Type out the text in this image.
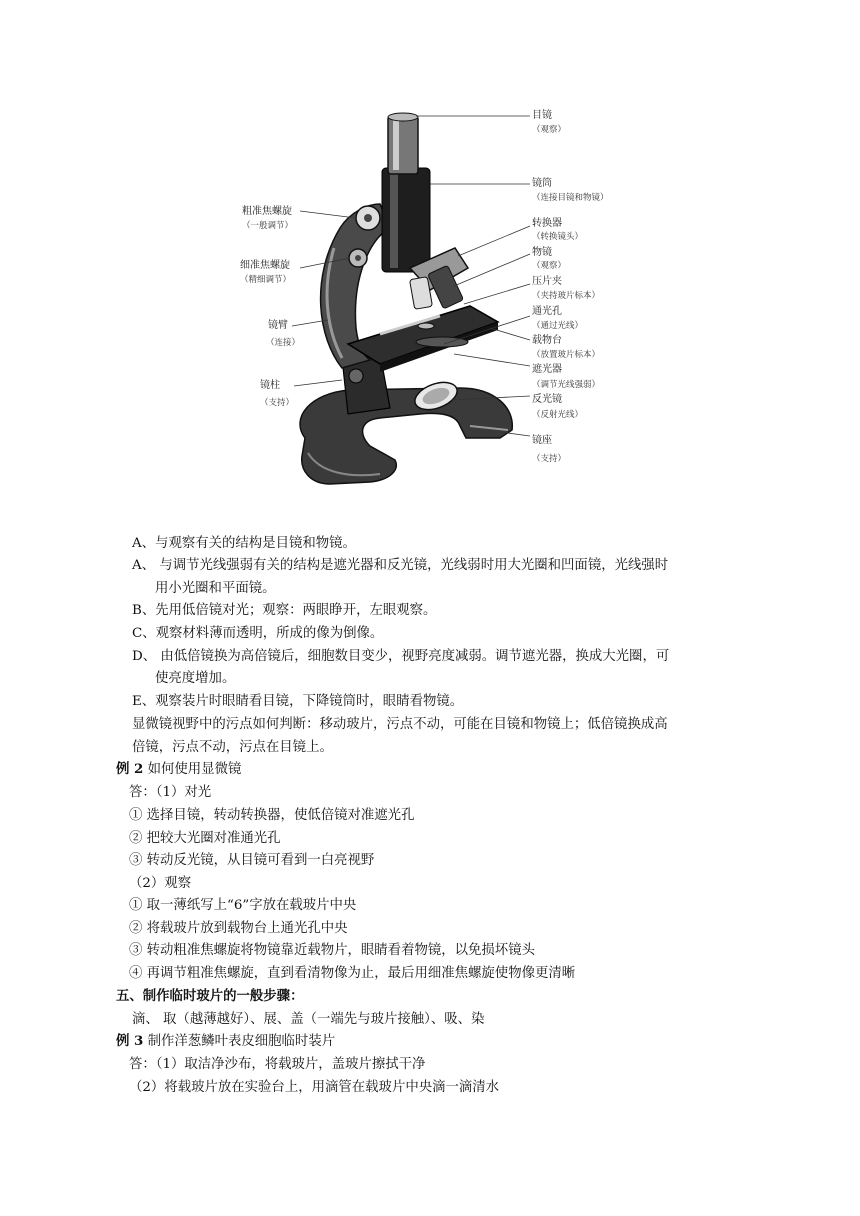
目镜
（观察）
镜筒
（连接目镜和物镜）
转换器
（转换镜头）
物镜
（观察）
压片夹
（夹持玻片标本）
通光孔
（通过光线）
载物台
（放置玻片标本）
遮光器
（调节光线强弱）
反光镜
（反射光线）
镜座
（支持）
粗准焦螺旋
（一般调节）
细准焦螺旋
（精细调节）
镜臂
（连接）
镜柱
（支持）
A、与观察有关的结构是目镜和物镜。
A、 与调节光线强弱有关的结构是遮光器和反光镜，光线弱时用大光圈和凹面镜，光线强时
用小光圈和平面镜。
B、先用低倍镜对光；观察：两眼睁开，左眼观察。
C、观察材料薄而透明，所成的像为倒像。
D、 由低倍镜换为高倍镜后，细胞数目变少，视野亮度减弱。调节遮光器，换成大光圈，可
使亮度增加。
E、观察装片时眼睛看目镜，下降镜筒时，眼睛看物镜。
显微镜视野中的污点如何判断：移动玻片，污点不动，可能在目镜和物镜上；低倍镜换成高
倍镜，污点不动，污点在目镜上。
例 2 如何使用显微镜
答：（1）对光
① 选择目镜，转动转换器，使低倍镜对准遮光孔
② 把较大光圈对准通光孔
③ 转动反光镜，从目镜可看到一白亮视野
（2）观察
① 取一薄纸写上“6”字放在载玻片中央
② 将载玻片放到载物台上通光孔中央
③ 转动粗准焦螺旋将物镜靠近载物片，眼睛看着物镜，以免损坏镜头
④ 再调节粗准焦螺旋，直到看清物像为止，最后用细准焦螺旋使物像更清晰
五、制作临时玻片的一般步骤：
滴、 取（越薄越好）、展、盖（一端先与玻片接触）、吸、染
例 3 制作洋葱鳞叶表皮细胞临时装片
答：（1）取洁净沙布，将载玻片，盖玻片擦拭干净
（2）将载玻片放在实验台上，用滴管在载玻片中央滴一滴清水
